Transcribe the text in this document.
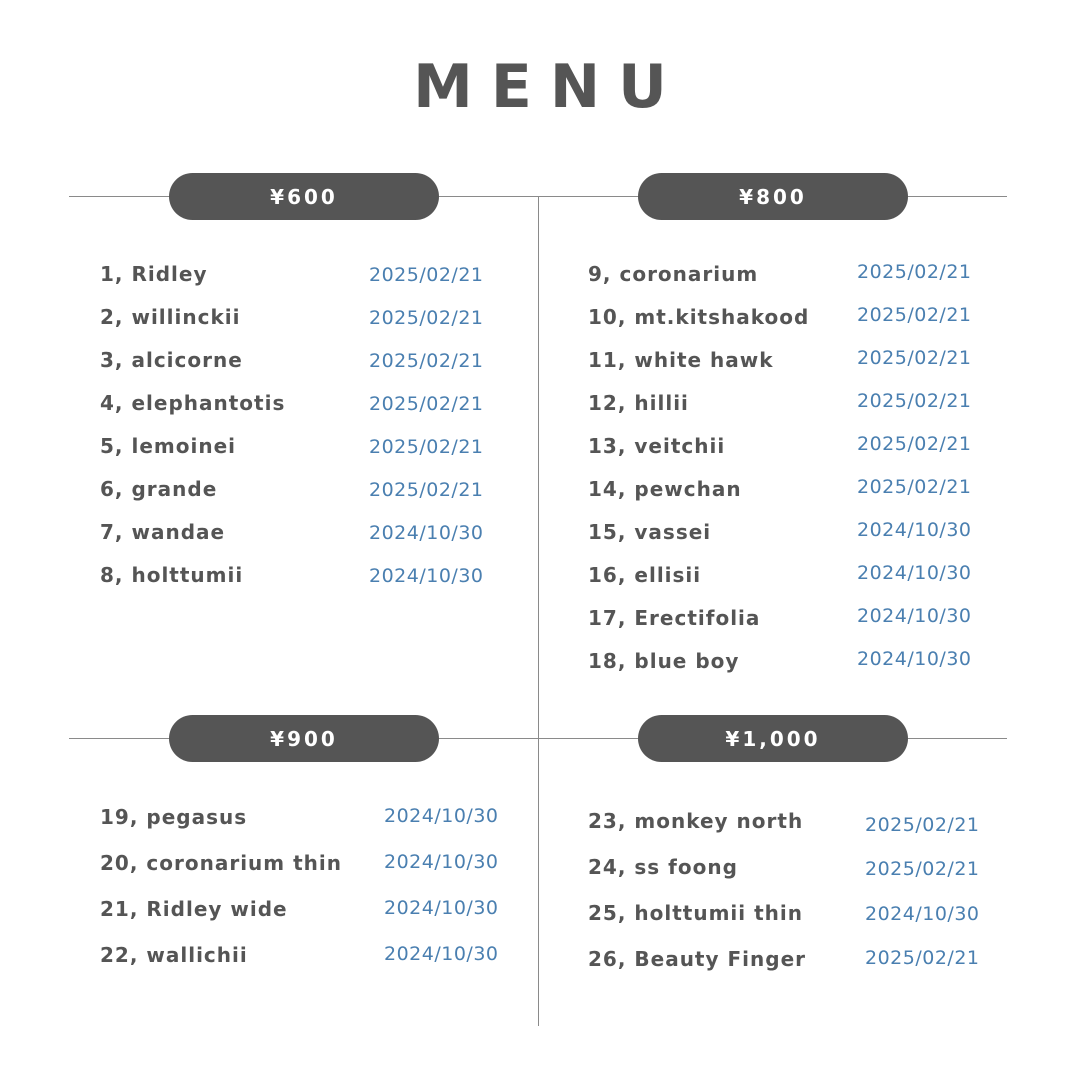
MENU
¥600
1, Ridley	2025/02/21
2, willinckii	2025/02/21
3, alcicorne	2025/02/21
4, elephantotis	2025/02/21
5, lemoinei	2025/02/21
6, grande	2025/02/21
7, wandae	2024/10/30
8, holttumii	2024/10/30
¥800
9, coronarium	2025/02/21
10, mt.kitshakood	2025/02/21
11, white hawk	2025/02/21
12, hillii	2025/02/21
13, veitchii	2025/02/21
14, pewchan	2025/02/21
15, vassei	2024/10/30
16, ellisii	2024/10/30
17, Erectifolia	2024/10/30
18, blue boy	2024/10/30
¥900
19, pegasus	2024/10/30
20, coronarium thin 2024/10/30
21, Ridley wide	2024/10/30
22, wallichii	2024/10/30
¥1,000
23, monkey north	2025/02/21
24, ss foong	2025/02/21
25, holttumii thin	2024/10/30
26, Beauty Finger	2025/02/21
